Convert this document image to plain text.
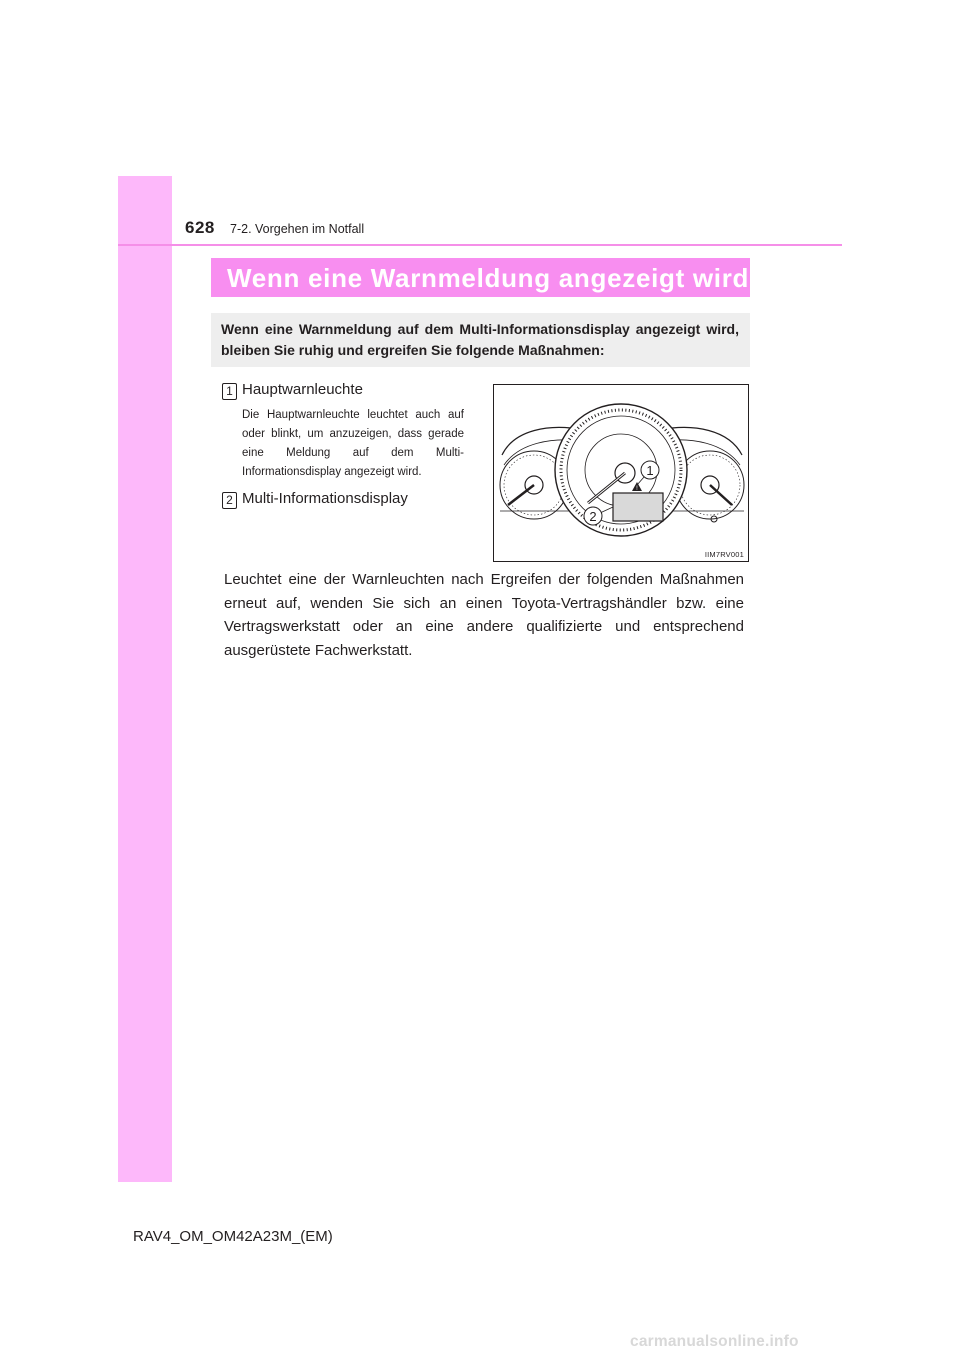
628 7-2. Vorgehen im Notfall
Wenn eine Warnmeldung angezeigt wird
Wenn eine Warnmeldung auf dem Multi-Informationsdisplay angezeigt wird, bleiben Sie ruhig und ergreifen Sie folgende Maßnahmen:
1 Hauptwarnleuchte
Die Hauptwarnleuchte leuchtet auch auf oder blinkt, um anzuzeigen, dass gerade eine Meldung auf dem Multi-Informationsdisplay angezeigt wird.
2 Multi-Informationsdisplay
!
1
2
IIM7RV001
Leuchtet eine der Warnleuchten nach Ergreifen der folgenden Maßnahmen erneut auf, wenden Sie sich an einen Toyota-Vertragshändler bzw. eine Vertragswerkstatt oder an eine andere qualifizierte und entsprechend ausgerüstete Fachwerkstatt.
RAV4_OM_OM42A23M_(EM)
carmanualsonline.info
